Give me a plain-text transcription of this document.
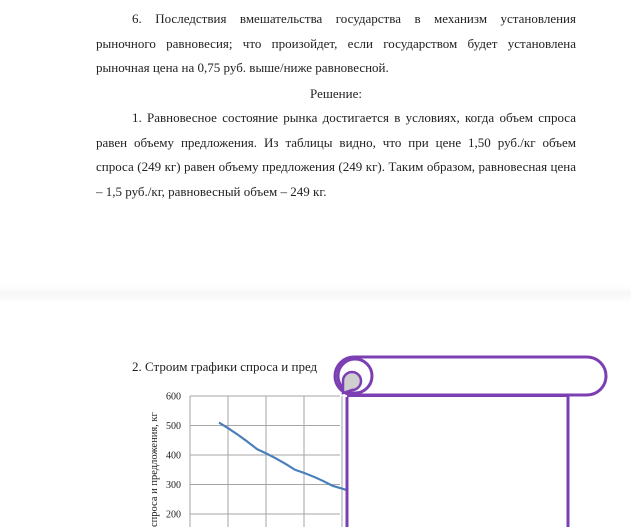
6. Последствия вмешательства государства в механизм установления рыночного равновесия; что произойдет, если государством будет установлена рыночная цена на 0,75 руб. выше/ниже равновесной.

Решение:

1. Равновесное состояние рынка достигается в условиях, когда объем спроса равен объему предложения. Из таблицы видно, что при цене 1,50 руб./кг объем спроса (249 кг) равен объему предложения (249 кг). Таким образом, равновесная цена – 1,5 руб./кг, равновесный объем – 249 кг.

2. Строим графики спроса и пред
спроса и предложения, кг
600
500
400
300
200
